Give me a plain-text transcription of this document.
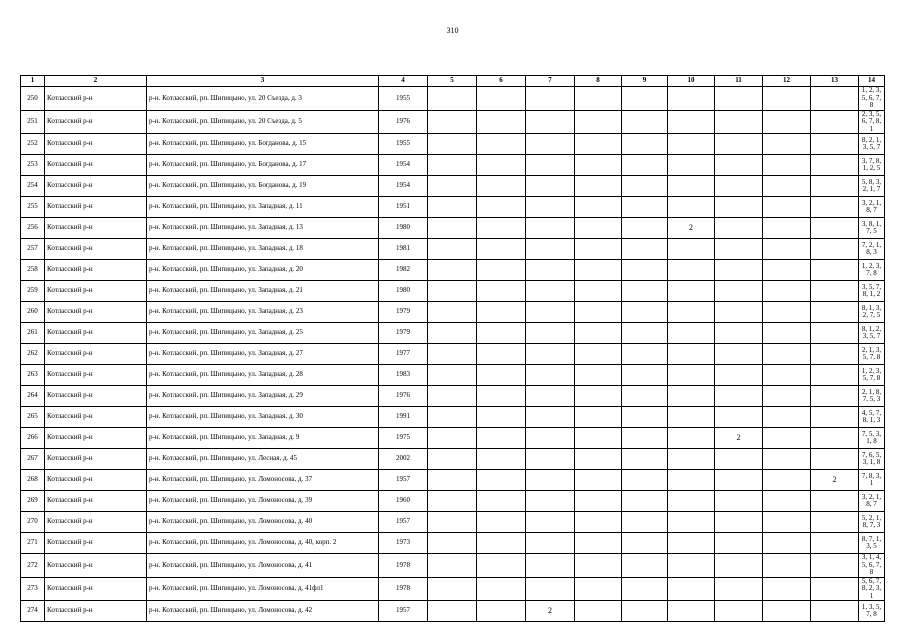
310
1	2	3	4	5	6	7	8	9	10	11	12	13	14
250	Котласский р-н	р-н. Котласский, рп. Шипицыно, ул. 20 Съезда, д. 3	1955										1, 2, 3, 5, 6, 7, 8
251	Котласский р-н	р-н. Котласский, рп. Шипицыно, ул. 20 Съезда, д. 5	1976										2, 3, 5, 6, 7, 8, 1
252	Котласский р-н	р-н. Котласский, рп. Шипицыно, ул. Богданова, д. 15	1955										8, 2, 1, 3, 5, 7
253	Котласский р-н	р-н. Котласский, рп. Шипицыно, ул. Богданова, д. 17	1954										3, 7, 8, 1, 2, 5
254	Котласский р-н	р-н. Котласский, рп. Шипицыно, ул. Богданова, д. 19	1954										5, 8, 3, 2, 1, 7
255	Котласский р-н	р-н. Котласский, рп. Шипицыно, ул. Западная, д. 11	1951										3, 2, 1, 8, 7
256	Котласский р-н	р-н. Котласский, рп. Шипицыно, ул. Западная, д. 13	1980						2				3, 8, 1, 7, 5
257	Котласский р-н	р-н. Котласский, рп. Шипицыно, ул. Западная, д. 18	1981										7, 2, 1, 8, 3
258	Котласский р-н	р-н. Котласский, рп. Шипицыно, ул. Западная, д. 20	1982										1, 2, 3, 7, 8
259	Котласский р-н	р-н. Котласский, рп. Шипицыно, ул. Западная, д. 21	1980										3, 5, 7, 8, 1, 2
260	Котласский р-н	р-н. Котласский, рп. Шипицыно, ул. Западная, д. 23	1979										8, 1, 3, 2, 7, 5
261	Котласский р-н	р-н. Котласский, рп. Шипицыно, ул. Западная, д. 25	1979										8, 1, 2, 3, 5, 7
262	Котласский р-н	р-н. Котласский, рп. Шипицыно, ул. Западная, д. 27	1977										2, 1, 3, 5, 7, 8
263	Котласский р-н	р-н. Котласский, рп. Шипицыно, ул. Западная, д. 28	1983										1, 2, 3, 5, 7, 8
264	Котласский р-н	р-н. Котласский, рп. Шипицыно, ул. Западная, д. 29	1976										2, 1, 8, 7, 5, 3
265	Котласский р-н	р-н. Котласский, рп. Шипицыно, ул. Западная, д. 30	1991										4, 5, 7, 8, 1, 3
266	Котласский р-н	р-н. Котласский, рп. Шипицыно, ул. Западная, д. 9	1975							2			7, 5, 3, 1, 8
267	Котласский р-н	р-н. Котласский, рп. Шипицыно, ул. Лесная, д. 45	2002										7, 6, 5, 3, 1, 8
268	Котласский р-н	р-н. Котласский, рп. Шипицыно, ул. Ломоносова, д. 37	1957									2	7, 8, 3, 1
269	Котласский р-н	р-н. Котласский, рп. Шипицыно, ул. Ломоносова, д. 39	1960										3, 2, 1, 8, 7
270	Котласский р-н	р-н. Котласский, рп. Шипицыно, ул. Ломоносова, д. 40	1957										5, 2, 1, 8, 7, 3
271	Котласский р-н	р-н. Котласский, рп. Шипицыно, ул. Ломоносова, д. 40, корп. 2	1973										8, 7, 1, 3, 5
272	Котласский р-н	р-н. Котласский, рп. Шипицыно, ул. Ломоносова, д. 41	1978										3, 1, 4, 5, 6, 7, 8
273	Котласский р-н	р-н. Котласский, рп. Шипицыно, ул. Ломоносова, д. 41фл1	1978										5, 6, 7, 8, 2, 3, 1
274	Котласский р-н	р-н. Котласский, рп. Шипицыно, ул. Ломоносова, д. 42	1957			2							1, 3, 5, 7, 8
